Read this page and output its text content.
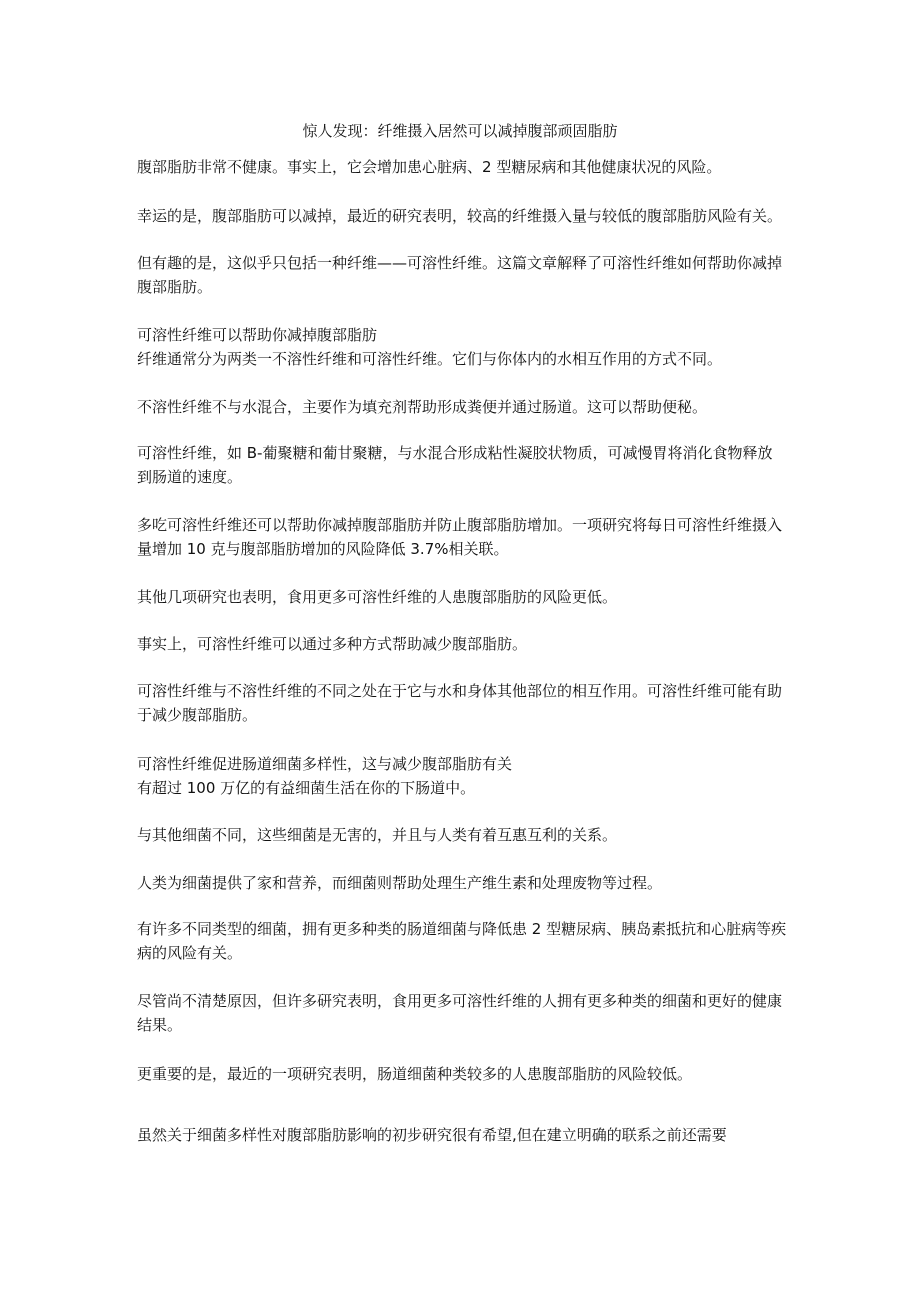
惊人发现：纤维摄入居然可以减掉腹部顽固脂肪

腹部脂肪非常不健康。事实上，它会增加患心脏病、2 型糖尿病和其他健康状况的风险。

幸运的是，腹部脂肪可以减掉，最近的研究表明，较高的纤维摄入量与较低的腹部脂肪风险有关。

但有趣的是，这似乎只包括一种纤维——可溶性纤维。这篇文章解释了可溶性纤维如何帮助你减掉腹部脂肪。

可溶性纤维可以帮助你减掉腹部脂肪

纤维通常分为两类一不溶性纤维和可溶性纤维。它们与你体内的水相互作用的方式不同。

不溶性纤维不与水混合，主要作为填充剂帮助形成粪便并通过肠道。这可以帮助便秘。

可溶性纤维，如 B-葡聚糖和葡甘聚糖，与水混合形成粘性凝胶状物质，可减慢胃将消化食物释放到肠道的速度。

多吃可溶性纤维还可以帮助你减掉腹部脂肪并防止腹部脂肪增加。一项研究将每日可溶性纤维摄入量增加 10 克与腹部脂肪增加的风险降低 3.7%相关联。

其他几项研究也表明，食用更多可溶性纤维的人患腹部脂肪的风险更低。

事实上，可溶性纤维可以通过多种方式帮助减少腹部脂肪。

可溶性纤维与不溶性纤维的不同之处在于它与水和身体其他部位的相互作用。可溶性纤维可能有助于减少腹部脂肪。

可溶性纤维促进肠道细菌多样性，这与减少腹部脂肪有关

有超过 100 万亿的有益细菌生活在你的下肠道中。

与其他细菌不同，这些细菌是无害的，并且与人类有着互惠互利的关系。

人类为细菌提供了家和营养，而细菌则帮助处理生产维生素和处理废物等过程。

有许多不同类型的细菌，拥有更多种类的肠道细菌与降低患 2 型糖尿病、胰岛素抵抗和心脏病等疾病的风险有关。

尽管尚不清楚原因，但许多研究表明，食用更多可溶性纤维的人拥有更多种类的细菌和更好的健康结果。

更重要的是，最近的一项研究表明，肠道细菌种类较多的人患腹部脂肪的风险较低。

虽然关于细菌多样性对腹部脂肪影响的初步研究很有希望,但在建立明确的联系之前还需要
